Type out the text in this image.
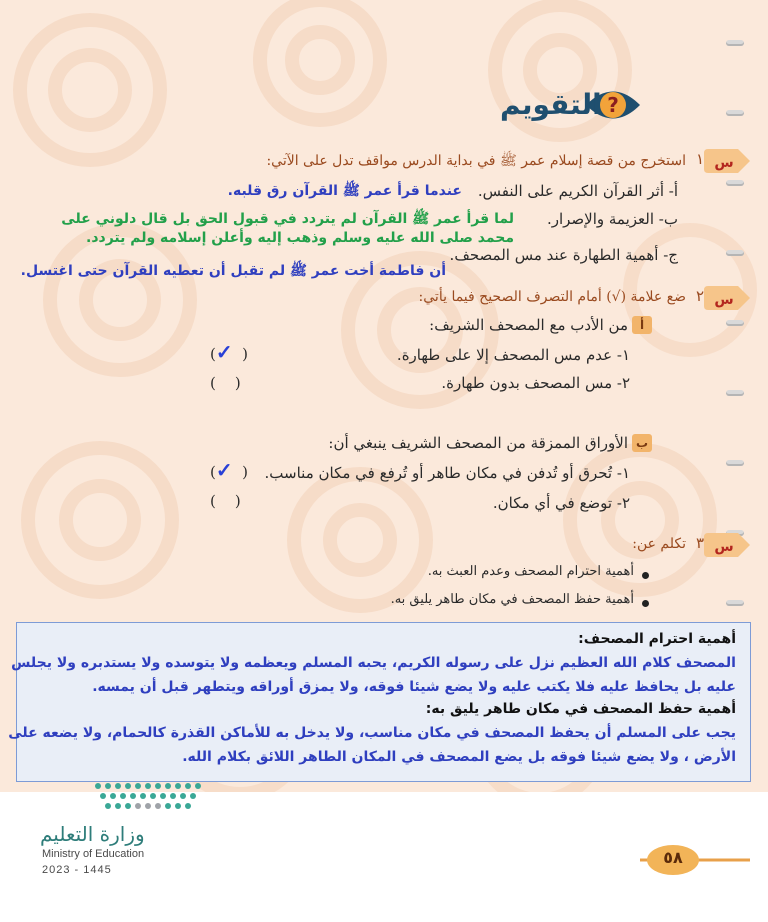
?
التقويم
س
١
استخرج من قصة إسلام عمر ﷺ في بداية الدرس مواقف تدل على الآتي:
أ- أثر القرآن الكريم على النفس.
عندما قرأ عمر ﷺ القرآن رق قلبه.
ب- العزيمة والإصرار.
لما قرأ عمر ﷺ القرآن لم يتردد في قبول الحق بل قال دلوني على
محمد صلى الله عليه وسلم وذهب إليه وأعلن إسلامه ولم يتردد.
ج- أهمية الطهارة عند مس المصحف.
أن فاطمة أخت عمر ﷺ لم تقبل أن تعطيه القرآن حتى اغتسل.
س
٢
ضع علامة (√) أمام التصرف الصحيح فيما يأتي:
أ
من الأدب مع المصحف الشريف:
١- عدم مس المصحف إلا على طهارة.
(✓  )
٢- مس المصحف بدون طهارة.
(    )
ب
الأوراق الممزقة من المصحف الشريف ينبغي أن:
١- تُحرق أو تُدفن في مكان طاهر أو تُرفع في مكان مناسب.
(✓  )
٢- توضع في أي مكان.
(    )
س
٣
تكلم عن:
أهمية احترام المصحف وعدم العبث به.
أهمية حفظ المصحف في مكان طاهر يليق به.
أهمية احترام المصحف:
المصحف كلام الله العظيم نزل على رسوله الكريم، يحبه المسلم ويعظمه ولا يتوسده ولا يستدبره ولا يجلس
عليه بل يحافظ عليه فلا يكتب عليه ولا يضع شيئا فوقه، ولا يمزق أوراقه ويتطهر قبل أن يمسه.
أهمية حفظ المصحف في مكان طاهر يليق به:
يجب على المسلم أن يحفظ المصحف في مكان مناسب، ولا يدخل به للأماكن القذرة كالحمام، ولا يضعه على
الأرض ، ولا يضع شيئا فوقه بل يضع المصحف في المكان الطاهر اللائق بكلام الله.
وزارة التعليم
Ministry of Education
2023 - 1445
٥٨
